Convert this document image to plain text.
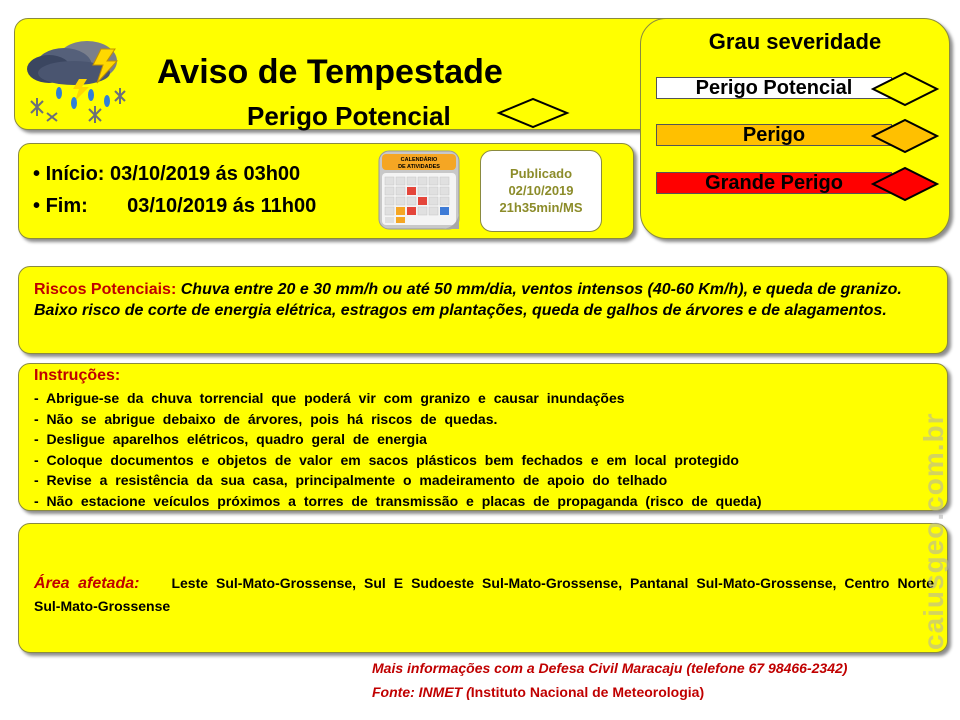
Aviso de Tempestade
Perigo Potencial
• Início: 03/10/2019 ás 03h00
• Fim: 03/10/2019 ás 11h00
CALENDÁRIO
DE ATIVIDADES	Publicado
02/10/2019
21h35min/MS
Grau severidade
Perigo Potencial
Perigo
Grande Perigo
Riscos Potenciais: Chuva entre 20 e 30 mm/h ou até 50 mm/dia, ventos intensos (40-60 Km/h), e queda de granizo. Baixo risco de corte de energia elétrica, estragos em plantações, queda de galhos de árvores e de alagamentos.
Instruções:
- Abrigue-se da chuva torrencial que poderá vir com granizo e causar inundações
- Não se abrigue debaixo de árvores, pois há riscos de quedas.
- Desligue aparelhos elétricos, quadro geral de energia
- Coloque documentos e objetos de valor em sacos plásticos bem fechados e em local protegido
- Revise a resistência da sua casa, principalmente o madeiramento de apoio do telhado
- Não estacione veículos próximos a torres de transmissão e placas de propaganda (risco de queda)
Área afetada: Leste Sul-Mato-Grossense, Sul E Sudoeste Sul-Mato-Grossense, Pantanal Sul-Mato-Grossense, Centro Norte Sul-Mato-Grossense
Mais informações com a Defesa Civil Maracaju (telefone 67 98466-2342)
Fonte: INMET (Instituto Nacional de Meteorologia)
caiusgeo.com.br
